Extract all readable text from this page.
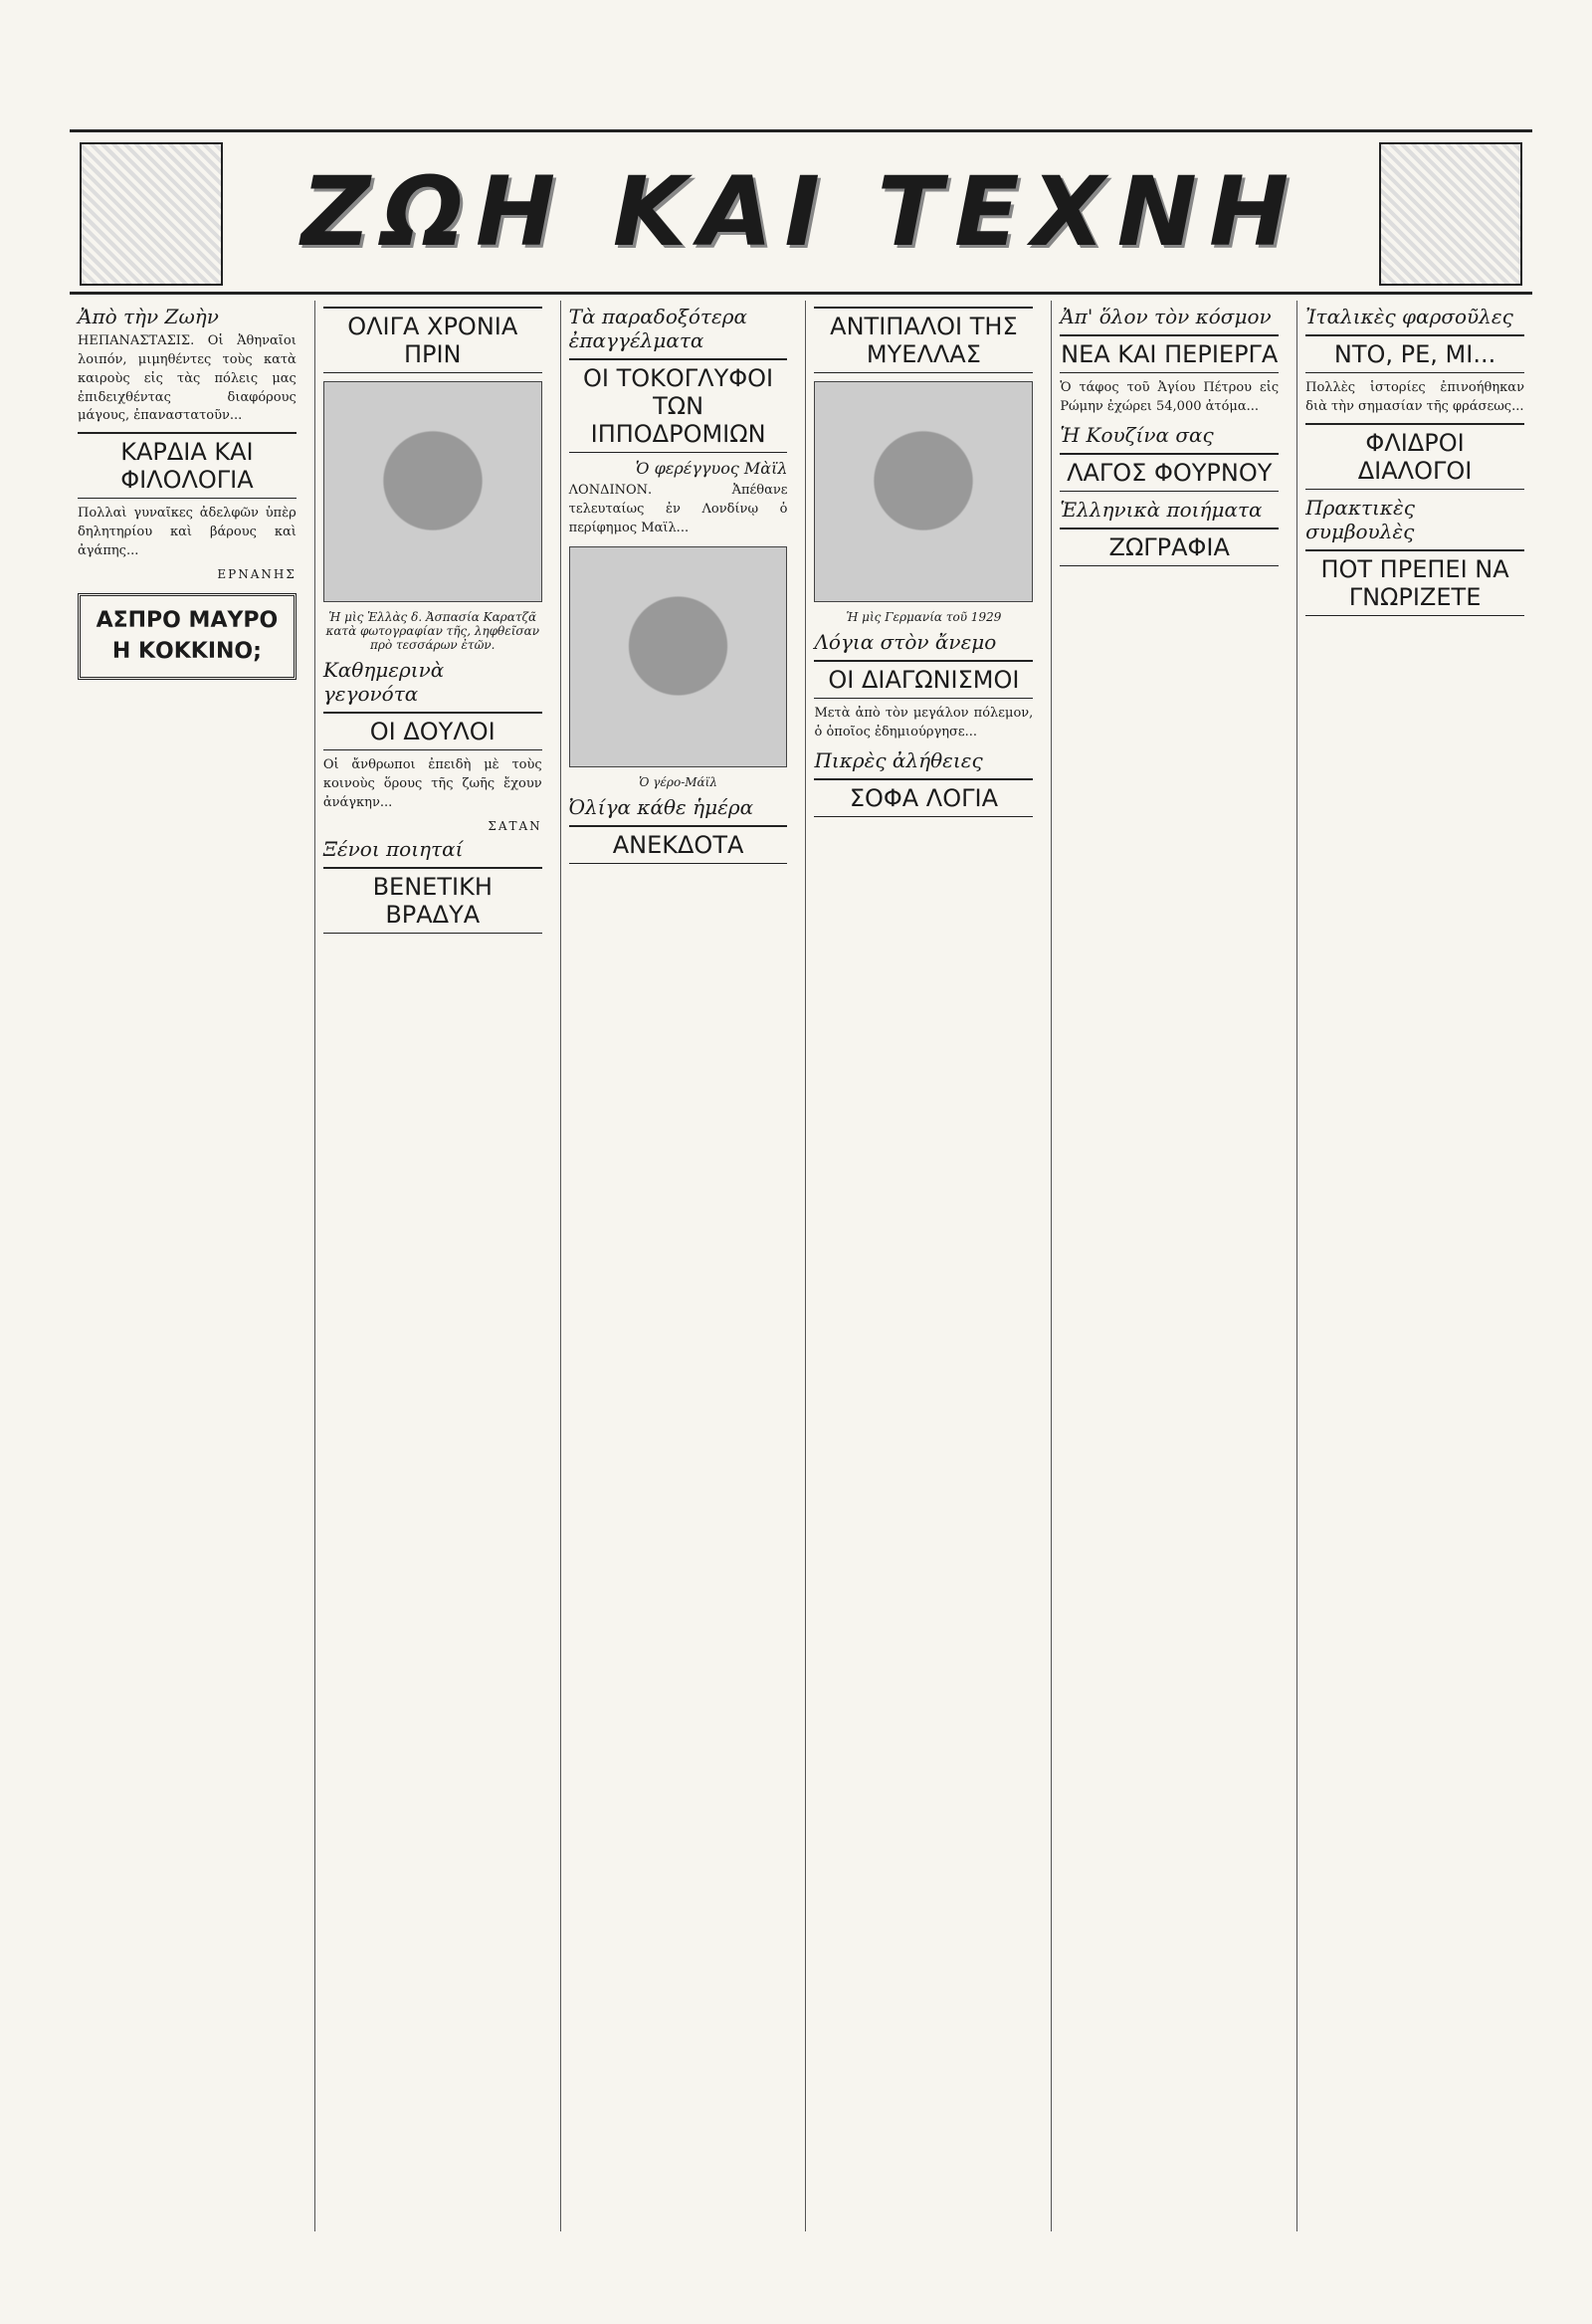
ΖΩΗ ΚΑΙ ΤΕΧΝΗ
Ἀπὸ τὴν Ζωὴν

ΗΕΠΑΝΑΣΤΑΣΙΣ. Οἱ Ἀθηναῖοι λοιπόν, μιμηθέντες τοὺς κατὰ καιροὺς εἰς τὰς πόλεις μας ἐπιδειχθέντας διαφόρους μάγους, ἐπαναστατοῦν...

ΚΑΡΔΙΑ ΚΑΙ ΦΙΛΟΛΟΓΙΑ

Πολλαὶ γυναῖκες ἀδελφῶν ὑπὲρ δηλητηρίου καὶ βάρους καὶ ἀγάπης...

ΕΡΝΑΝΗΣ
ΑΣΠΡΟ ΜΑΥΡΟ Η ΚΟΚΚΙΝΟ;
ΟΛΙΓΑ ΧΡΟΝΙΑ ΠΡΙΝ
Ἡ μὶς Ἑλλὰς δ. Ἀσπασία Καρατζᾶ κατὰ φωτογραφίαν τῆς, ληφθεῖσαν πρὸ τεσσάρων ἐτῶν.
Καθημερινὰ γεγονότα
ΟΙ ΔΟΥΛΟΙ

Οἱ ἄνθρωποι ἐπειδὴ μὲ τοὺς κοινοὺς ὅρους τῆς ζωῆς ἔχουν ἀνάγκην...

ΣΑΤΑΝ
Ξένοι ποιηταί
ΒΕΝΕΤΙΚΗ ΒΡΑΔΥΑ
Τὰ παραδοξότερα ἐπαγγέλματα
ΟΙ ΤΟΚΟΓΛΥΦΟΙ ΤΩΝ ΙΠΠΟΔΡΟΜΙΩΝ
Ὁ φερέγγυος Μὰϊλ

ΛΟΝΔΙΝΟΝ. Ἀπέθανε τελευταίως ἐν Λονδίνῳ ὁ περίφημος Μαϊλ...

Ὁ γέρο-Μάϊλ
Ὀλίγα κάθε ἡμέρα
ΑΝΕΚΔΟΤΑ
ΑΝΤΙΠΑΛΟΙ ΤΗΣ ΜΥΕΛΛΑΣ
Ἡ μὶς Γερμανία τοῦ 1929
Λόγια στὸν ἄνεμο
ΟΙ ΔΙΑΓΩΝΙΣΜΟΙ

Μετὰ ἀπὸ τὸν μεγάλον πόλεμον, ὁ ὁποῖος ἐδημιούργησε...

Πικρὲς ἀλήθειες
ΣΟΦΑ ΛΟΓΙΑ
Ἀπ' ὅλον τὸν κόσμον
ΝΕΑ ΚΑΙ ΠΕΡΙΕΡΓΑ

Ὁ τάφος τοῦ Ἀγίου Πέτρου εἰς Ρώμην ἐχώρει 54,000 ἀτόμα...

Ἡ Κουζίνα σας
ΛΑΓΟΣ ΦΟΥΡΝΟΥ
Ἑλληνικὰ ποιήματα
ΖΩΓΡΑΦΙΑ
Ἰταλικὲς φαρσοῦλες
ΝΤΟ, ΡΕ, ΜΙ...

Πολλὲς ἱστορίες ἐπινοήθηκαν διὰ τὴν σημασίαν τῆς φράσεως...

ΦΛΙΔΡΟΙ ΔΙΑΛΟΓΟΙ
Πρακτικὲς συμβουλὲς
ΠΟΤ ΠΡΕΠΕΙ ΝΑ ΓΝΩΡΙΖΕΤΕ
